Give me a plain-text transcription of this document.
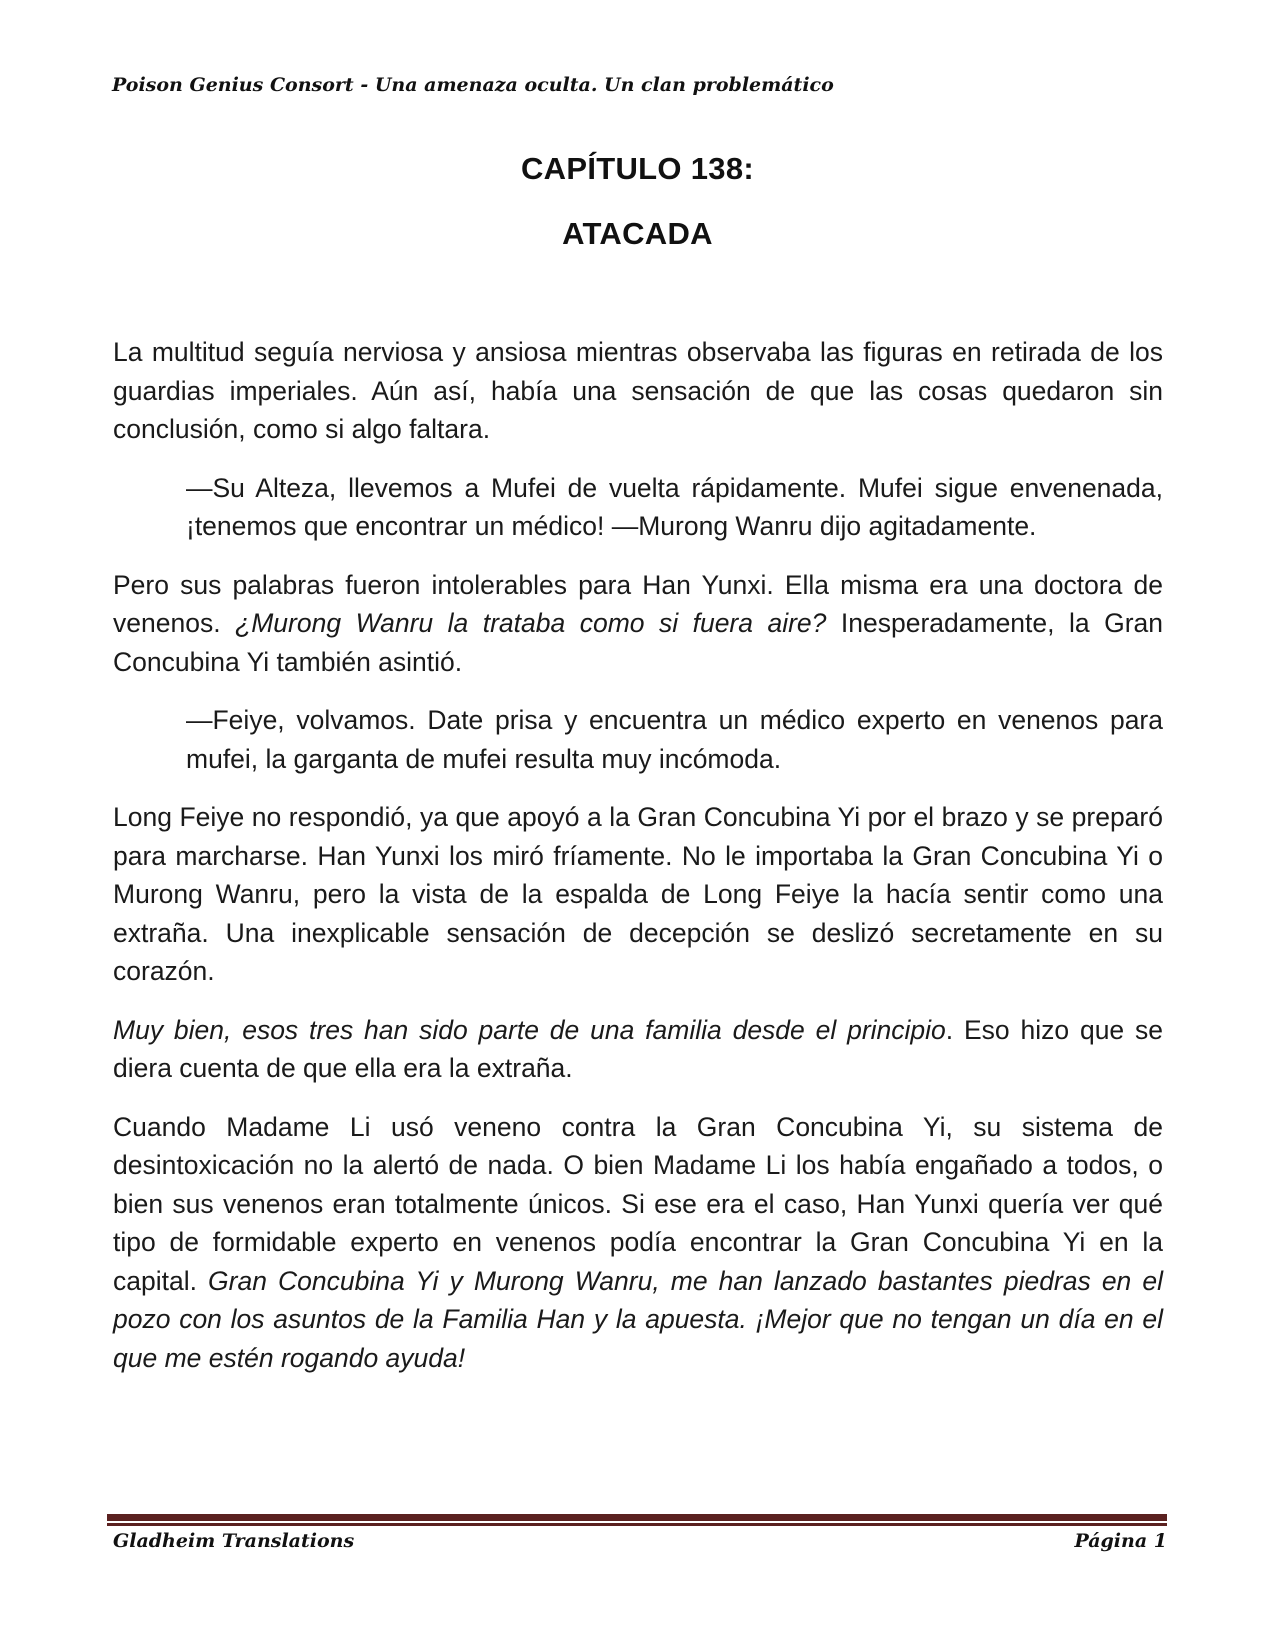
Poison Genius Consort - Una amenaza oculta. Un clan problemático
CAPÍTULO 138:
ATACADA

La multitud seguía nerviosa y ansiosa mientras observaba las figuras en retirada de los guardias imperiales. Aún así, había una sensación de que las cosas quedaron sin conclusión, como si algo faltara.

—Su Alteza, llevemos a Mufei de vuelta rápidamente. Mufei sigue envenenada, ¡tenemos que encontrar un médico! —Murong Wanru dijo agitadamente.

Pero sus palabras fueron intolerables para Han Yunxi. Ella misma era una doctora de venenos. ¿Murong Wanru la trataba como si fuera aire? Inesperadamente, la Gran Concubina Yi también asintió.

—Feiye, volvamos. Date prisa y encuentra un médico experto en venenos para mufei, la garganta de mufei resulta muy incómoda.

Long Feiye no respondió, ya que apoyó a la Gran Concubina Yi por el brazo y se preparó para marcharse. Han Yunxi los miró fríamente. No le importaba la Gran Concubina Yi o Murong Wanru, pero la vista de la espalda de Long Feiye la hacía sentir como una extraña. Una inexplicable sensación de decepción se deslizó secretamente en su corazón.

Muy bien, esos tres han sido parte de una familia desde el principio. Eso hizo que se diera cuenta de que ella era la extraña.

Cuando Madame Li usó veneno contra la Gran Concubina Yi, su sistema de desintoxicación no la alertó de nada. O bien Madame Li los había engañado a todos, o bien sus venenos eran totalmente únicos. Si ese era el caso, Han Yunxi quería ver qué tipo de formidable experto en venenos podía encontrar la Gran Concubina Yi en la capital. Gran Concubina Yi y Murong Wanru, me han lanzado bastantes piedras en el pozo con los asuntos de la Familia Han y la apuesta. ¡Mejor que no tengan un día en el que me estén rogando ayuda!

Gladheim Translations	Página 1
